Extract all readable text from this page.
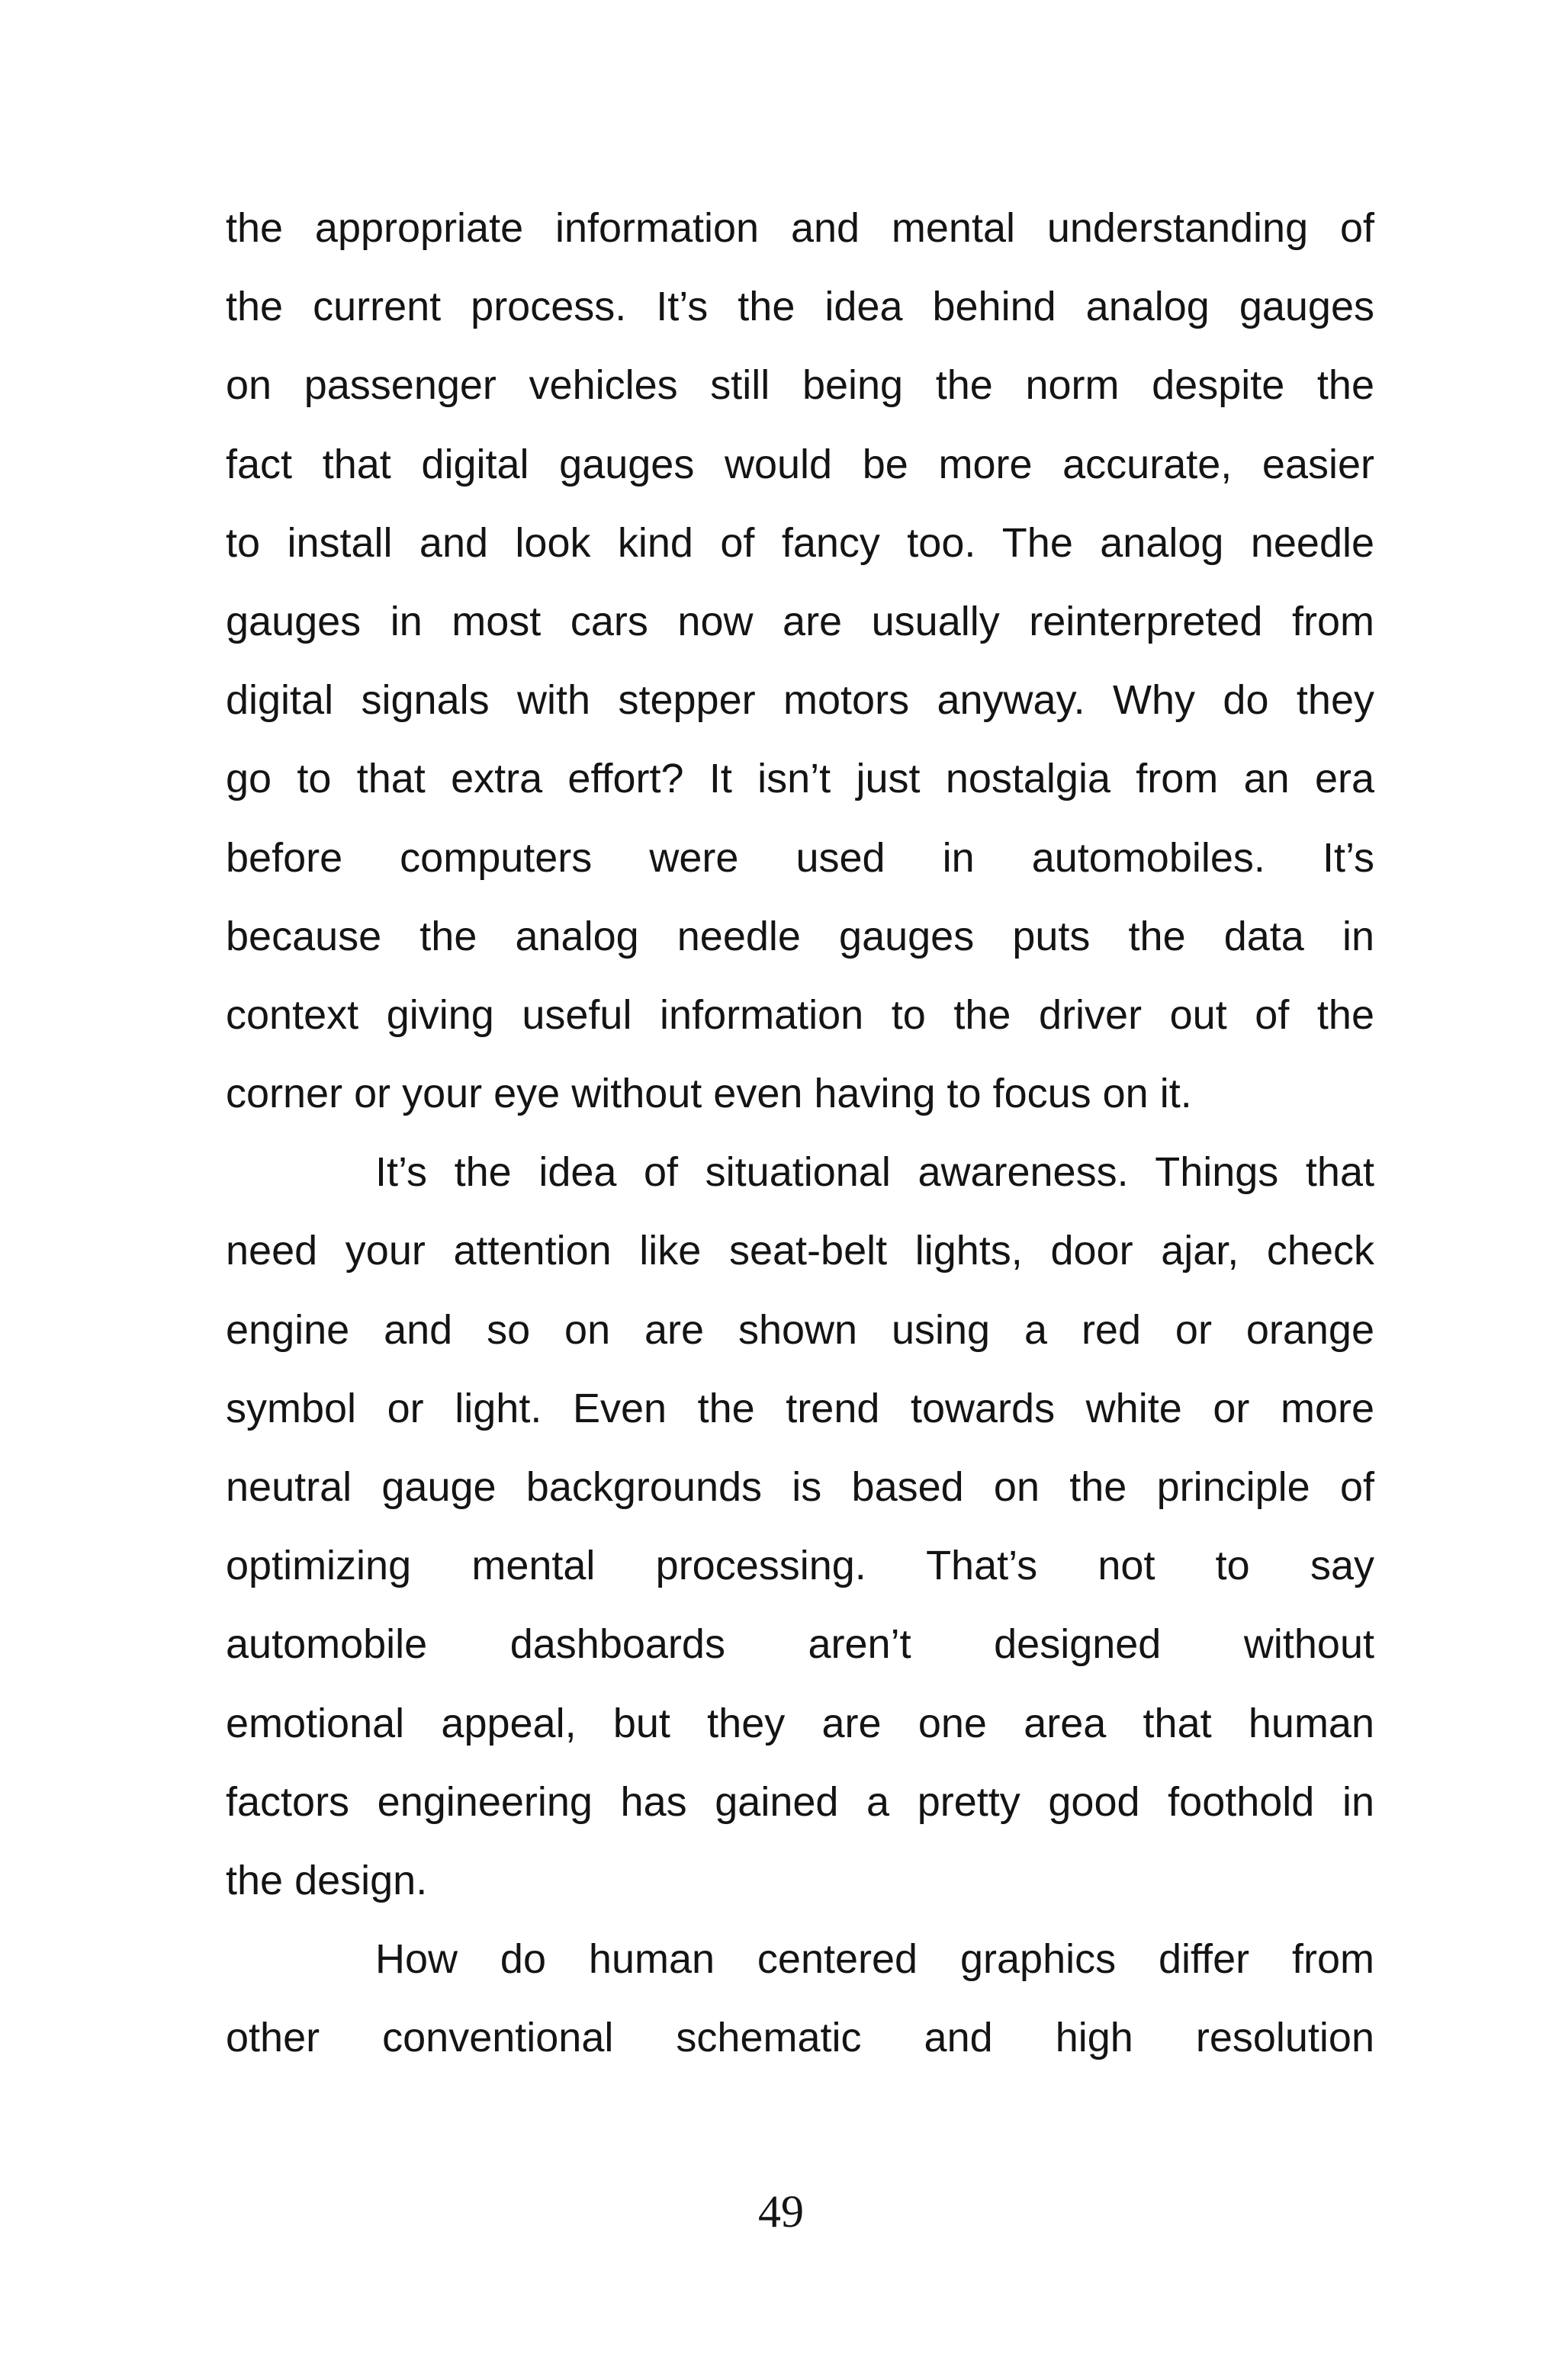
the appropriate information and mental understanding of
the current process. It’s the idea behind analog gauges
on passenger vehicles still being the norm despite the
fact that digital gauges would be more accurate, easier
to install and look kind of fancy too. The analog needle
gauges in most cars now are usually reinterpreted from
digital signals with stepper motors anyway. Why do they
go to that extra effort? It isn’t just nostalgia from an era
before computers were used in automobiles. It’s
because the analog needle gauges puts the data in
context giving useful information to the driver out of the
corner or your eye without even having to focus on it.
It’s the idea of situational awareness. Things that
need your attention like seat-belt lights, door ajar, check
engine and so on are shown using a red or orange
symbol or light. Even the trend towards white or more
neutral gauge backgrounds is based on the principle of
optimizing mental processing. That’s not to say
automobile dashboards aren’t designed without
emotional appeal, but they are one area that human
factors engineering has gained a pretty good foothold in
the design.
How do human centered graphics differ from
other conventional schematic and high resolution
49
